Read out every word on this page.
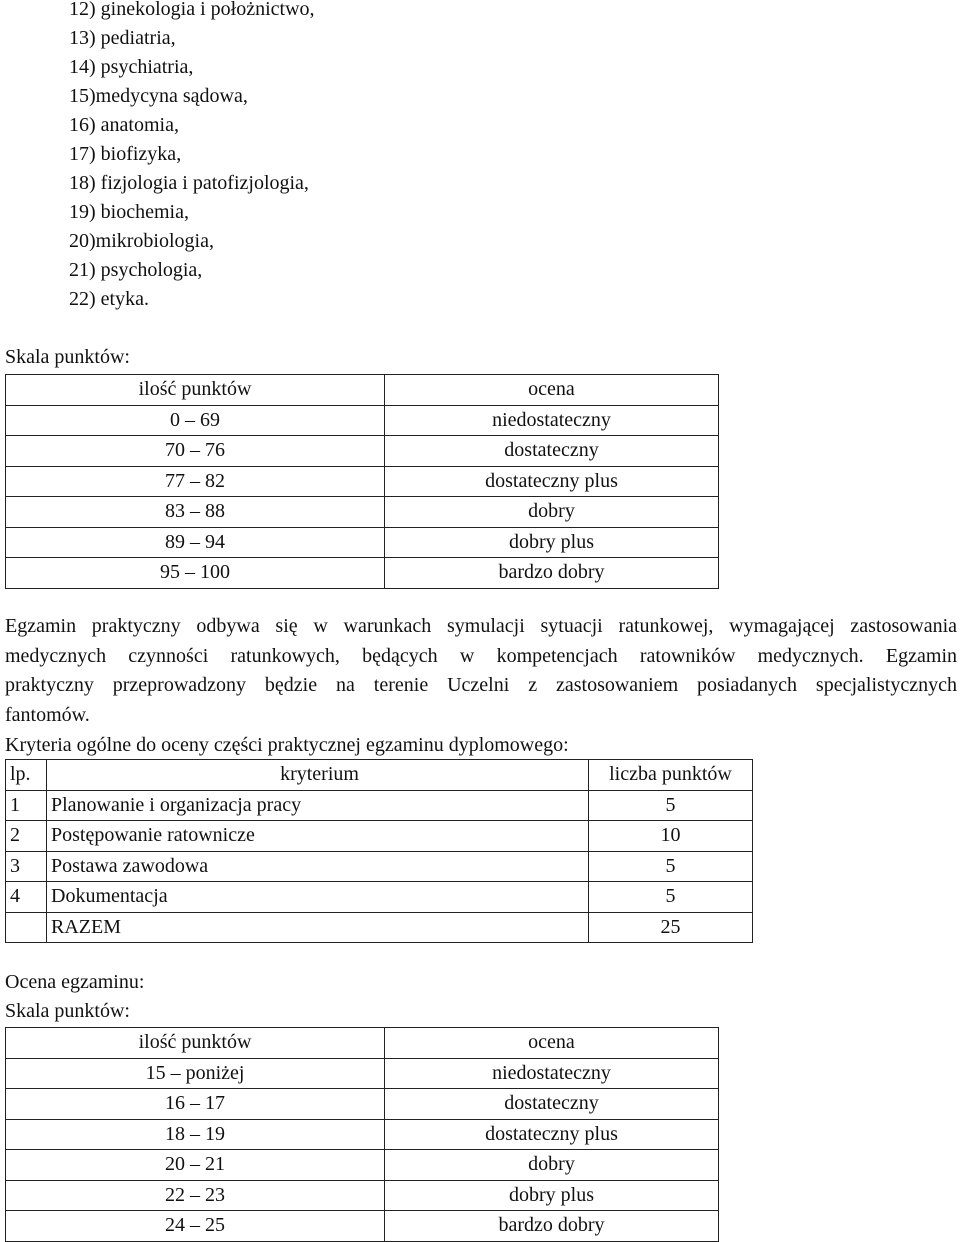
12) ginekologia i położnictwo,
13) pediatria,
14) psychiatria,
15)medycyna sądowa,
16) anatomia,
17) biofizyka,
18) fizjologia i patofizjologia,
19) biochemia,
20)mikrobiologia,
21) psychologia,
22) etyka.
Skala punktów:
ilość punktów	ocena
0 – 69	niedostateczny
70 – 76	dostateczny
77 – 82	dostateczny plus
83 – 88	dobry
89 – 94	dobry plus
95 – 100	bardzo dobry
Egzamin praktyczny odbywa się w warunkach symulacji sytuacji ratunkowej, wymagającej zastosowania
medycznych czynności ratunkowych, będących w kompetencjach ratowników medycznych. Egzamin
praktyczny przeprowadzony będzie na terenie Uczelni z zastosowaniem posiadanych specjalistycznych
fantomów.
Kryteria ogólne do oceny części praktycznej egzaminu dyplomowego:
lp.	kryterium	liczba punktów
1	Planowanie i organizacja pracy	5
2	Postępowanie ratownicze	10
3	Postawa zawodowa	5
4	Dokumentacja	5
	RAZEM	25
Ocena egzaminu:
Skala punktów:
ilość punktów	ocena
15 – poniżej	niedostateczny
16 – 17	dostateczny
18 – 19	dostateczny plus
20 – 21	dobry
22 – 23	dobry plus
24 – 25	bardzo dobry
